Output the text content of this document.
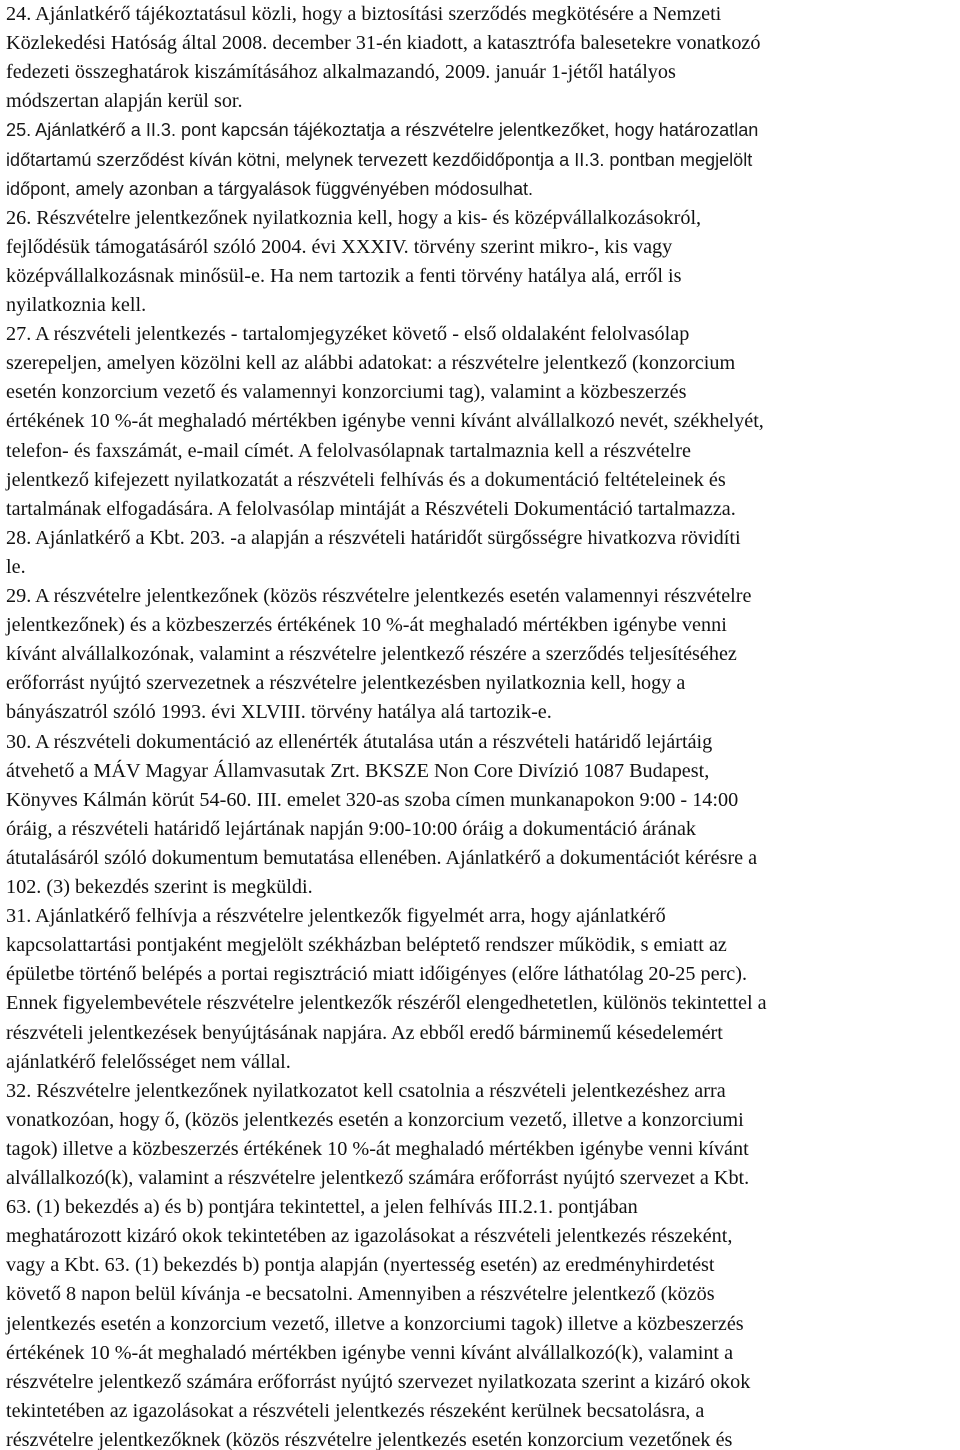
24. Ajánlatkérő tájékoztatásul közli, hogy a biztosítási szerződés megkötésére a Nemzeti
Közlekedési Hatóság által 2008. december 31-én kiadott, a katasztrófa balesetekre vonatkozó
fedezeti összeghatárok kiszámításához alkalmazandó, 2009. január 1-jétől hatályos
módszertan alapján kerül sor.
25. Ajánlatkérő a II.3. pont kapcsán tájékoztatja a részvételre jelentkezőket, hogy határozatlan
időtartamú szerződést kíván kötni, melynek tervezett kezdőidőpontja a II.3. pontban megjelölt
időpont, amely azonban a tárgyalások függvényében módosulhat.
26. Részvételre jelentkezőnek nyilatkoznia kell, hogy a kis- és középvállalkozásokról,
fejlődésük támogatásáról szóló 2004. évi XXXIV. törvény szerint mikro-, kis vagy
középvállalkozásnak minősül-e. Ha nem tartozik a fenti törvény hatálya alá, erről is
nyilatkoznia kell.
27. A részvételi jelentkezés - tartalomjegyzéket követő - első oldalaként felolvasólap
szerepeljen, amelyen közölni kell az alábbi adatokat: a részvételre jelentkező (konzorcium
esetén konzorcium vezető és valamennyi konzorciumi tag), valamint a közbeszerzés
értékének 10 %-át meghaladó mértékben igénybe venni kívánt alvállalkozó nevét, székhelyét,
telefon- és faxszámát, e-mail címét. A felolvasólapnak tartalmaznia kell a részvételre
jelentkező kifejezett nyilatkozatát a részvételi felhívás és a dokumentáció feltételeinek és
tartalmának elfogadására. A felolvasólap mintáját a Részvételi Dokumentáció tartalmazza.
28. Ajánlatkérő a Kbt. 203. -a alapján a részvételi határidőt sürgősségre hivatkozva rövidíti
le.
29. A részvételre jelentkezőnek (közös részvételre jelentkezés esetén valamennyi részvételre
jelentkezőnek) és a közbeszerzés értékének 10 %-át meghaladó mértékben igénybe venni
kívánt alvállalkozónak, valamint a részvételre jelentkező részére a szerződés teljesítéséhez
erőforrást nyújtó szervezetnek a részvételre jelentkezésben nyilatkoznia kell, hogy a
bányászatról szóló 1993. évi XLVIII. törvény hatálya alá tartozik-e.
30. A részvételi dokumentáció az ellenérték átutalása után a részvételi határidő lejártáig
átvehető a MÁV Magyar Államvasutak Zrt. BKSZE Non Core Divízió 1087 Budapest,
Könyves Kálmán körút 54-60. III. emelet 320-as szoba címen munkanapokon 9:00 - 14:00
óráig, a részvételi határidő lejártának napján 9:00-10:00 óráig a dokumentáció árának
átutalásáról szóló dokumentum bemutatása ellenében. Ajánlatkérő a dokumentációt kérésre a
102. (3) bekezdés szerint is megküldi.
31. Ajánlatkérő felhívja a részvételre jelentkezők figyelmét arra, hogy ajánlatkérő
kapcsolattartási pontjaként megjelölt székházban beléptető rendszer működik, s emiatt az
épületbe történő belépés a portai regisztráció miatt időigényes (előre láthatólag 20-25 perc).
Ennek figyelembevétele részvételre jelentkezők részéről elengedhetetlen, különös tekintettel a
részvételi jelentkezések benyújtásának napjára. Az ebből eredő bárminemű késedelemért
ajánlatkérő felelősséget nem vállal.
32. Részvételre jelentkezőnek nyilatkozatot kell csatolnia a részvételi jelentkezéshez arra
vonatkozóan, hogy ő, (közös jelentkezés esetén a konzorcium vezető, illetve a konzorciumi
tagok) illetve a közbeszerzés értékének 10 %-át meghaladó mértékben igénybe venni kívánt
alvállalkozó(k), valamint a részvételre jelentkező számára erőforrást nyújtó szervezet a Kbt.
63. (1) bekezdés a) és b) pontjára tekintettel, a jelen felhívás III.2.1. pontjában
meghatározott kizáró okok tekintetében az igazolásokat a részvételi jelentkezés részeként,
vagy a Kbt. 63. (1) bekezdés b) pontja alapján (nyertesség esetén) az eredményhirdetést
követő 8 napon belül kívánja -e becsatolni. Amennyiben a részvételre jelentkező (közös
jelentkezés esetén a konzorcium vezető, illetve a konzorciumi tagok) illetve a közbeszerzés
értékének 10 %-át meghaladó mértékben igénybe venni kívánt alvállalkozó(k), valamint a
részvételre jelentkező számára erőforrást nyújtó szervezet nyilatkozata szerint a kizáró okok
tekintetében az igazolásokat a részvételi jelentkezés részeként kerülnek becsatolásra, a
részvételre jelentkezőknek (közös részvételre jelentkezés esetén konzorcium vezetőnek és
